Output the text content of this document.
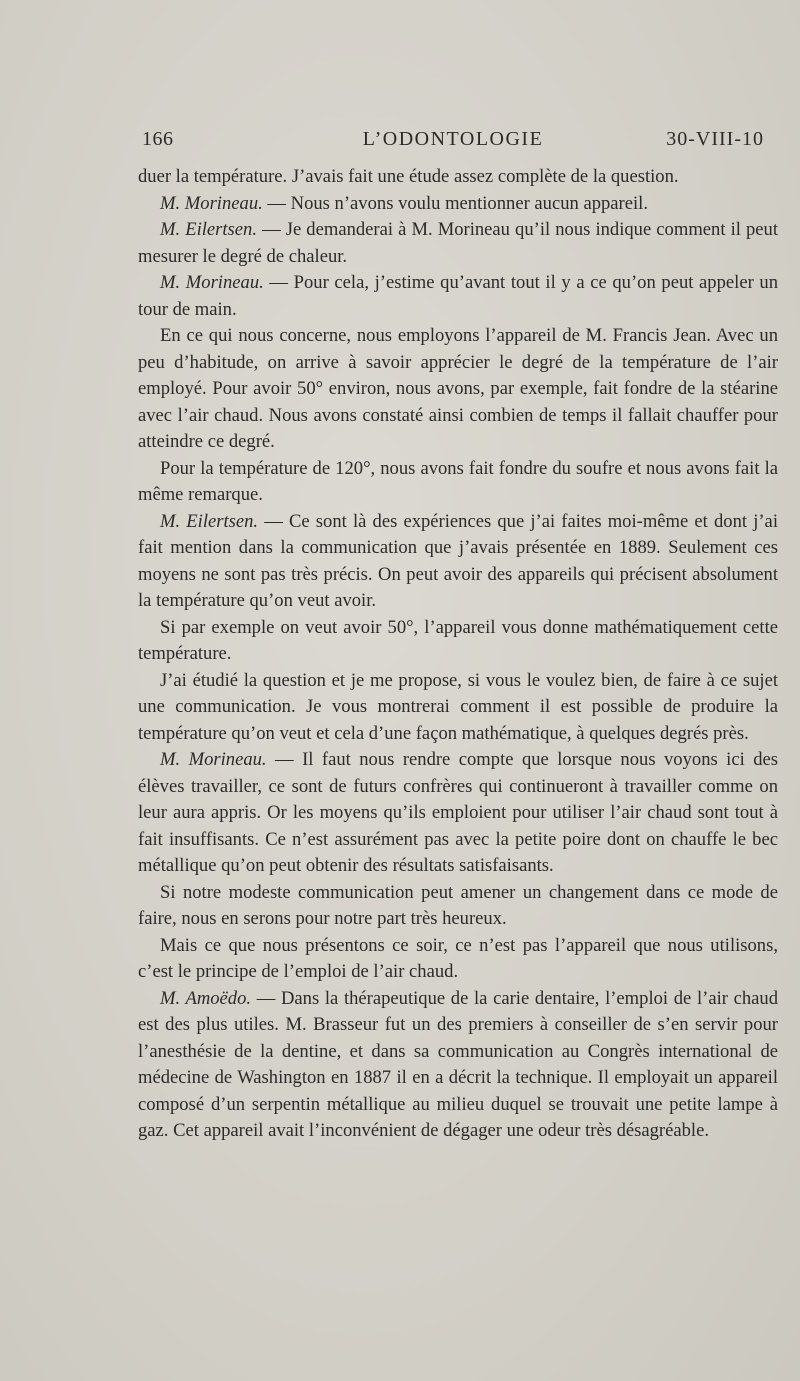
166	L’ODONTOLOGIE	30-VIII-10

duer la température. J’avais fait une étude assez complète de la question.

M. Morineau. — Nous n’avons voulu mentionner aucun appareil.

M. Eilertsen. — Je demanderai à M. Morineau qu’il nous indique comment il peut mesurer le degré de chaleur.

M. Morineau. — Pour cela, j’estime qu’avant tout il y a ce qu’on peut appeler un tour de main.

En ce qui nous concerne, nous employons l’appareil de M. Francis Jean. Avec un peu d’habitude, on arrive à savoir apprécier le degré de la température de l’air employé. Pour avoir 50° environ, nous avons, par exemple, fait fondre de la stéarine avec l’air chaud. Nous avons constaté ainsi combien de temps il fallait chauffer pour atteindre ce degré.

Pour la température de 120°, nous avons fait fondre du soufre et nous avons fait la même remarque.

M. Eilertsen. — Ce sont là des expériences que j’ai faites moi-même et dont j’ai fait mention dans la communication que j’avais présentée en 1889. Seulement ces moyens ne sont pas très précis. On peut avoir des appareils qui précisent absolument la température qu’on veut avoir.

Si par exemple on veut avoir 50°, l’appareil vous donne mathématiquement cette température.

J’ai étudié la question et je me propose, si vous le voulez bien, de faire à ce sujet une communication. Je vous montrerai comment il est possible de produire la température qu’on veut et cela d’une façon mathématique, à quelques degrés près.

M. Morineau. — Il faut nous rendre compte que lorsque nous voyons ici des élèves travailler, ce sont de futurs confrères qui continueront à travailler comme on leur aura appris. Or les moyens qu’ils emploient pour utiliser l’air chaud sont tout à fait insuffisants. Ce n’est assurément pas avec la petite poire dont on chauffe le bec métallique qu’on peut obtenir des résultats satisfaisants.

Si notre modeste communication peut amener un changement dans ce mode de faire, nous en serons pour notre part très heureux.

Mais ce que nous présentons ce soir, ce n’est pas l’appareil que nous utilisons, c’est le principe de l’emploi de l’air chaud.

M. Amoëdo. — Dans la thérapeutique de la carie dentaire, l’emploi de l’air chaud est des plus utiles. M. Brasseur fut un des premiers à conseiller de s’en servir pour l’anesthésie de la dentine, et dans sa communication au Congrès international de médecine de Washington en 1887 il en a décrit la technique. Il employait un appareil composé d’un serpentin métallique au milieu duquel se trouvait une petite lampe à gaz. Cet appareil avait l’inconvénient de dégager une odeur très désagréable.
